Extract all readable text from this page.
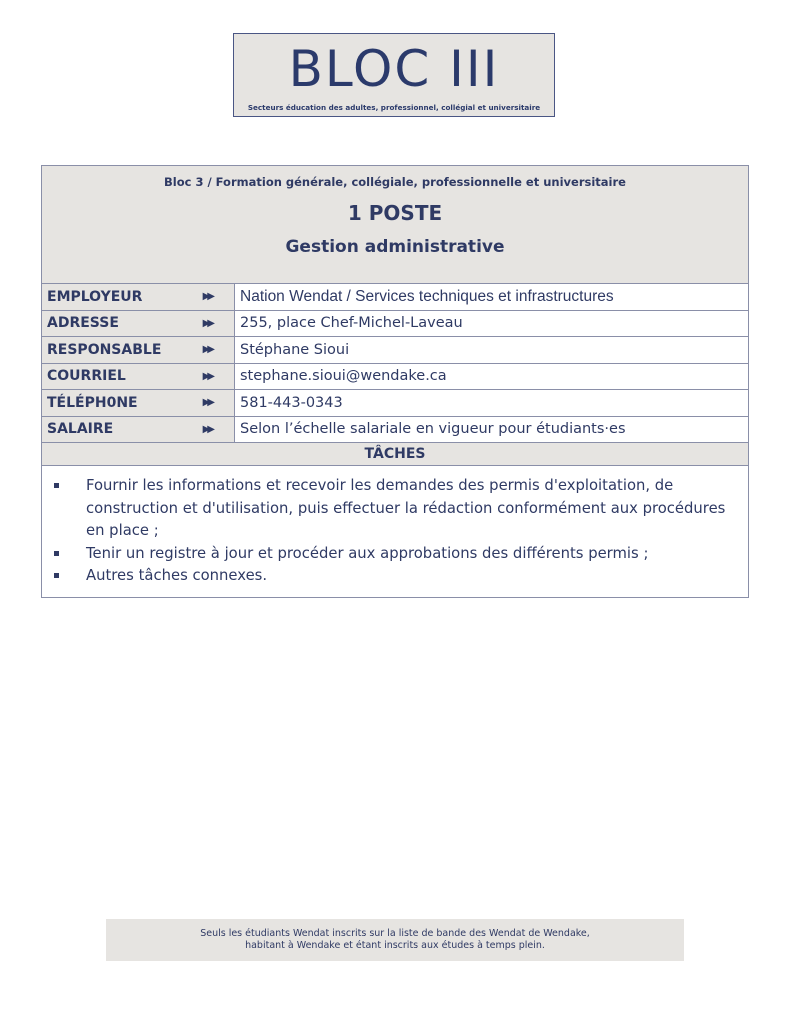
BLOC III
Secteurs éducation des adultes, professionnel, collégial et universitaire
Bloc 3 / Formation générale, collégiale, professionnelle et universitaire
1 POSTE
Gestion administrative
EMPLOYEUR	▶▶	Nation Wendat / Services techniques et infrastructures
ADRESSE	▶▶	255, place Chef-Michel-Laveau
RESPONSABLE	▶▶	Stéphane Sioui
COURRIEL	▶▶	stephane.sioui@wendake.ca
TÉLÉPH0NE	▶▶	581-443-0343
SALAIRE	▶▶	Selon l’échelle salariale en vigueur pour étudiants·es
TÂCHES
Fournir les informations et recevoir les demandes des permis d'exploitation, de construction et d'utilisation, puis effectuer la rédaction conformément aux procédures en place ;
Tenir un registre à jour et procéder aux approbations des différents permis ;
Autres tâches connexes.
Seuls les étudiants Wendat inscrits sur la liste de bande des Wendat de Wendake,
habitant à Wendake et étant inscrits aux études à temps plein.
